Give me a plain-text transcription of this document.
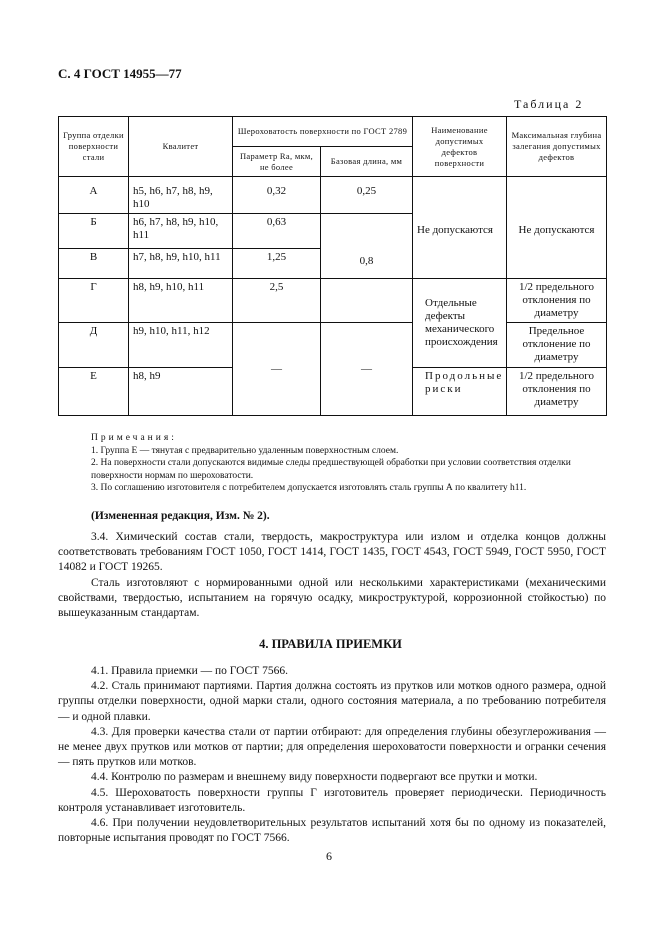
С. 4 ГОСТ 14955—77
Таблица 2
Группа отделки поверхности стали	Квалитет	Шероховатость поверхности по ГОСТ 2789		Наименование допустимых дефектов поверхности	Максимальная глубина залегания допустимых дефектов
		Параметр Ra, мкм, не более	Базовая длина, мм		
А	h5, h6, h7, h8, h9, h10	0,32	0,25	Не допускаются	Не допускаются
Б	h6, h7, h8, h9, h10, h11	0,63	0,8		
В	h7, h8, h9, h10, h11	1,25			
Г	h8, h9, h10, h11	2,5		Отдельные дефекты механического происхождения	1/2 предельного отклонения по диаметру
Д	h9, h10, h11, h12	—	—		Предельное отклонение по диаметру
Е	h8, h9			Продольные риски	1/2 предельного отклонения по диаметру

Примечания:

1. Группа Е — тянутая с предварительно удаленным поверхностным слоем.

2. На поверхности стали допускаются видимые следы предшествующей обработки при условии соответствия отделки поверхности нормам по шероховатости.

3. По соглашению изготовителя с потребителем допускается изготовлять сталь группы А по квалитету h11.

(Измененная редакция, Изм. № 2).

3.4. Химический состав стали, твердость, макроструктура или излом и отделка концов должны соответствовать требованиям ГОСТ 1050, ГОСТ 1414, ГОСТ 1435, ГОСТ 4543, ГОСТ 5949, ГОСТ 5950, ГОСТ 14082 и ГОСТ 19265.

Сталь изготовляют с нормированными одной или несколькими характеристиками (механическими свойствами, твердостью, испытанием на горячую осадку, микроструктурой, коррозионной стойкостью) по вышеуказанным стандартам.

4. ПРАВИЛА ПРИЕМКИ

4.1. Правила приемки — по ГОСТ 7566.

4.2. Сталь принимают партиями. Партия должна состоять из прутков или мотков одного размера, одной группы отделки поверхности, одной марки стали, одного состояния материала, а по требованию потребителя — и одной плавки.

4.3. Для проверки качества стали от партии отбирают: для определения глубины обезуглероживания — не менее двух прутков или мотков от партии; для определения шероховатости поверхности и огранки сечения — пять прутков или мотков.

4.4. Контролю по размерам и внешнему виду поверхности подвергают все прутки и мотки.

4.5. Шероховатость поверхности группы Г изготовитель проверяет периодически. Периодичность контроля устанавливает изготовитель.

4.6. При получении неудовлетворительных результатов испытаний хотя бы по одному из показателей, повторные испытания проводят по ГОСТ 7566.

6
